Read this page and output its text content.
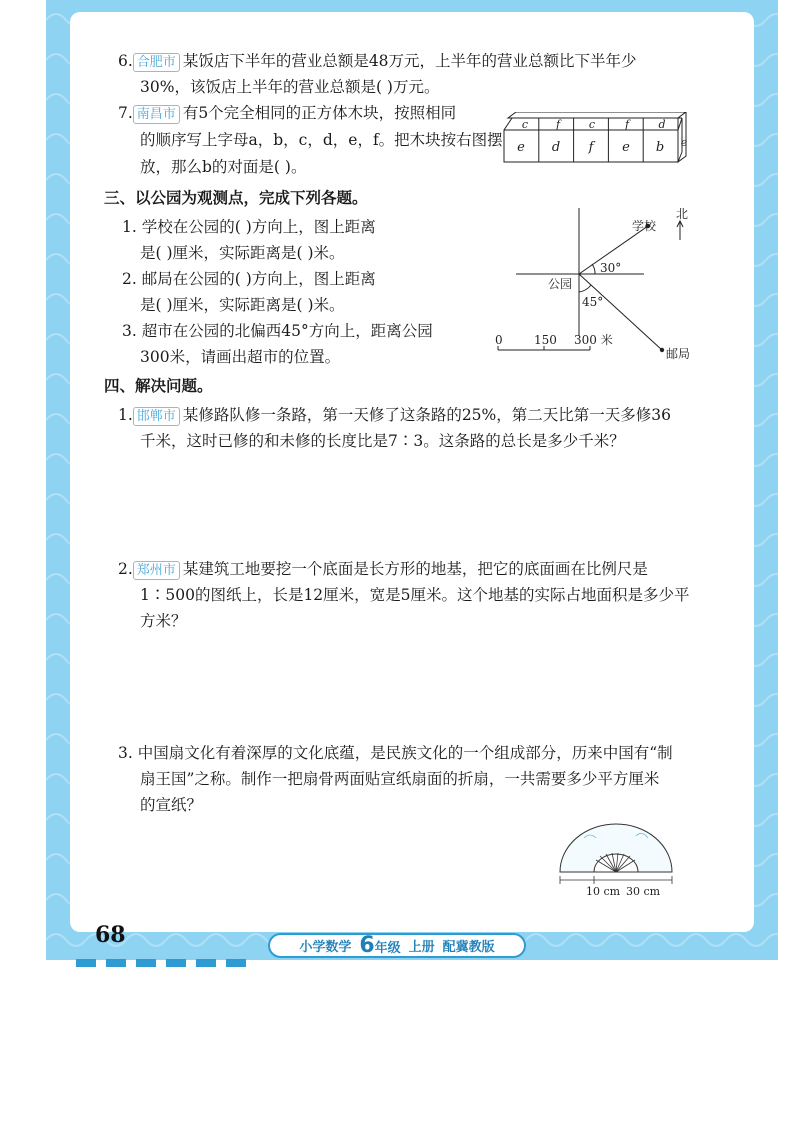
6. 合肥市 某饭店下半年的营业总额是48万元，上半年的营业总额比下半年少
30%，该饭店上半年的营业总额是( )万元。
7. 南昌市 有5个完全相同的正方体木块，按照相同
的顺序写上字母a，b，c，d，e，f。把木块按右图摆
放，那么b的对面是( )。
c	f	c	f	d
e d f e b e
三、以公园为观测点，完成下列各题。
1. 学校在公园的( )方向上，图上距离
是( )厘米，实际距离是( )米。
2. 邮局在公园的( )方向上，图上距离
是( )厘米，实际距离是( )米。
3. 超市在公园的北偏西45°方向上，距离公园
300米，请画出超市的位置。
北
学校
公园
邮局
30°
45°
0	150 300 米
四、解决问题。
1. 邯郸市 某修路队修一条路，第一天修了这条路的25%，第二天比第一天多修36
千米，这时已修的和未修的长度比是7∶3。这条路的总长是多少千米？
2. 郑州市 某建筑工地要挖一个底面是长方形的地基，把它的底面画在比例尺是
1∶500的图纸上，长是12厘米，宽是5厘米。这个地基的实际占地面积是多少平
方米？
3. 中国扇文化有着深厚的文化底蕴，是民族文化的一个组成部分，历来中国有“制
扇王国”之称。制作一把扇骨两面贴宣纸扇面的折扇，一共需要多少平方厘米
的宣纸？
10 cm 30 cm
68	小学数学 6年级 上册 配冀教版
